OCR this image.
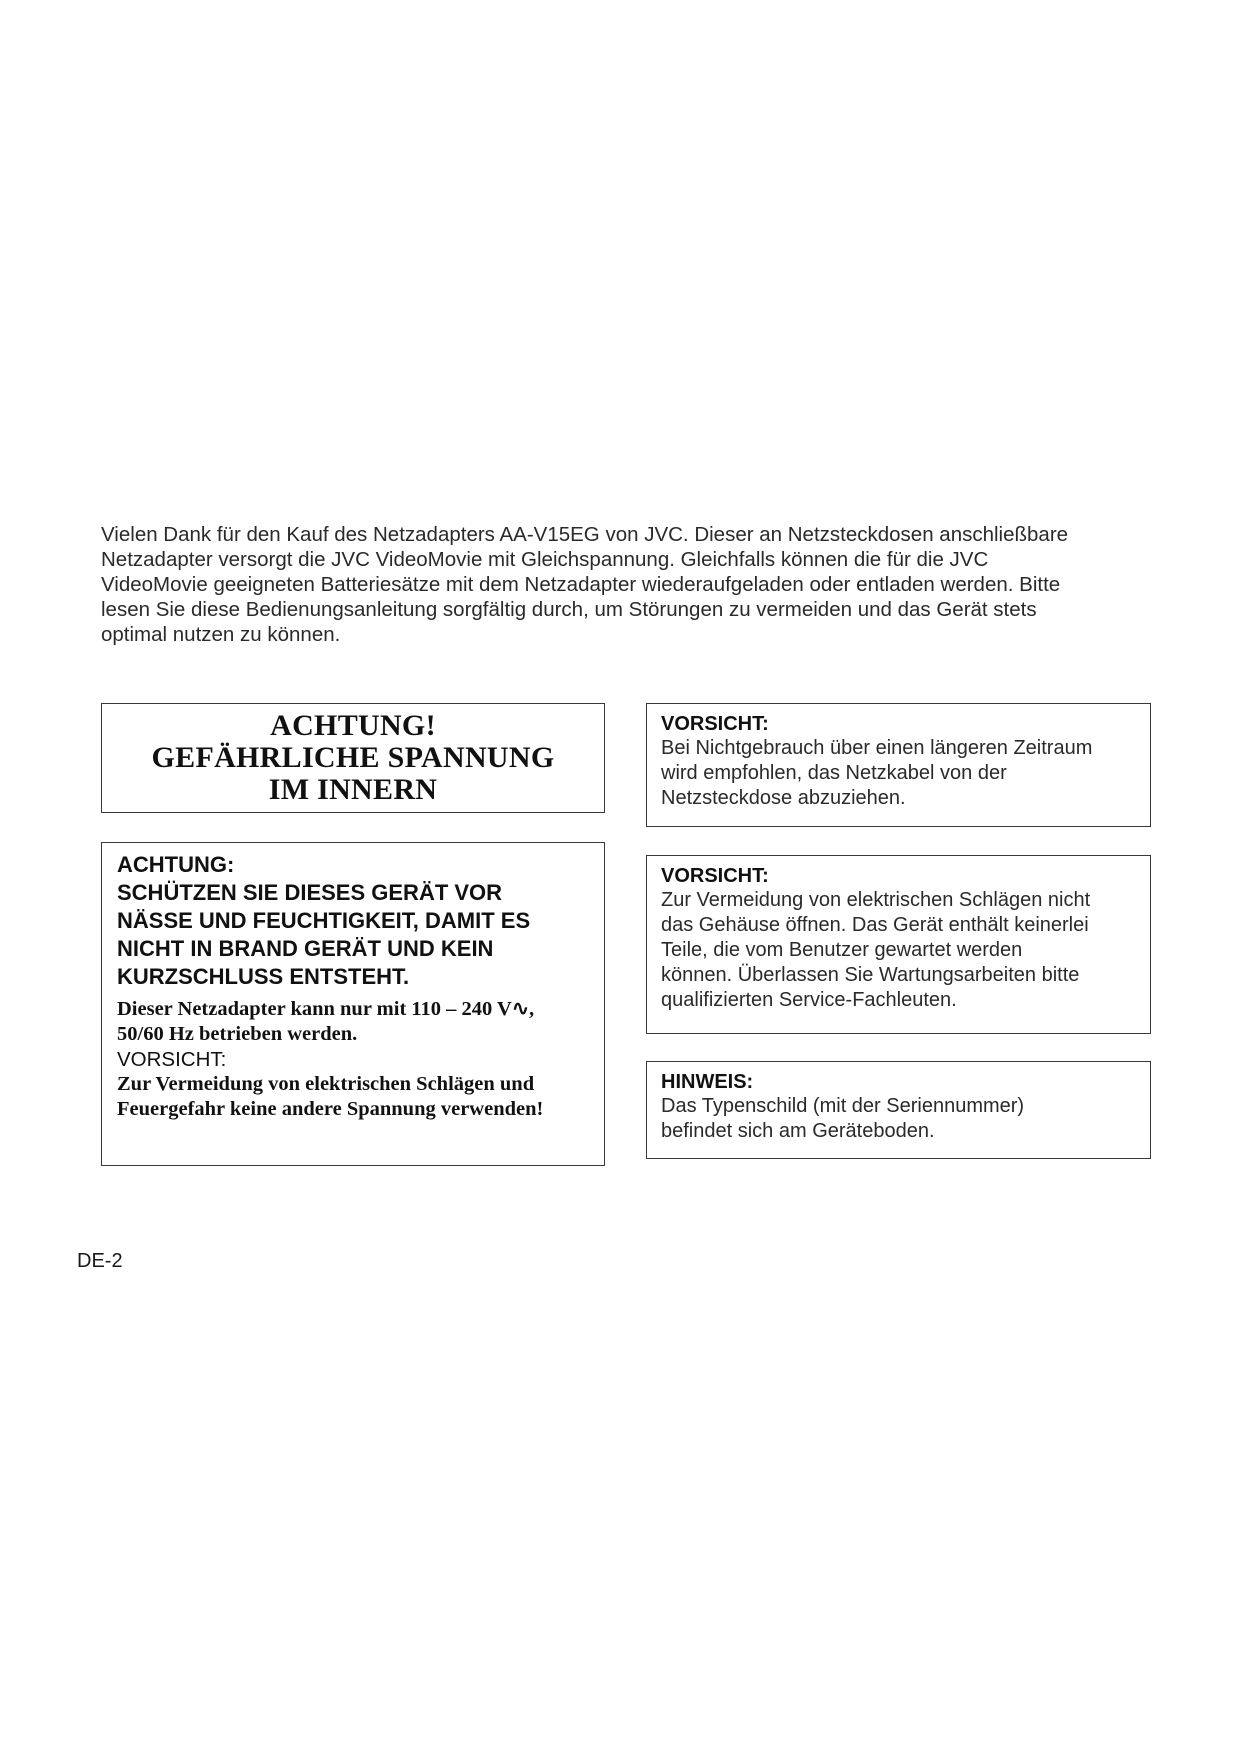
Vielen Dank für den Kauf des Netzadapters AA-V15EG von JVC. Dieser an Netzsteckdosen anschließbare
Netzadapter versorgt die JVC VideoMovie mit Gleichspannung. Gleichfalls können die für die JVC
VideoMovie geeigneten Batteriesätze mit dem Netzadapter wiederaufgeladen oder entladen werden. Bitte
lesen Sie diese Bedienungsanleitung sorgfältig durch, um Störungen zu vermeiden und das Gerät stets
optimal nutzen zu können.

ACHTUNG!
GEFÄHRLICHE SPANNUNG
IM INNERN

ACHTUNG:

SCHÜTZEN SIE DIESES GERÄT VOR
NÄSSE UND FEUCHTIGKEIT, DAMIT ES
NICHT IN BRAND GERÄT UND KEIN
KURZSCHLUSS ENTSTEHT.

Dieser Netzadapter kann nur mit 110 – 240 V∿,
50/60 Hz betrieben werden.

VORSICHT:

Zur Vermeidung von elektrischen Schlägen und
Feuergefahr keine andere Spannung verwenden!

VORSICHT:

Bei Nichtgebrauch über einen längeren Zeitraum
wird empfohlen, das Netzkabel von der
Netzsteckdose abzuziehen.

VORSICHT:

Zur Vermeidung von elektrischen Schlägen nicht
das Gehäuse öffnen. Das Gerät enthält keinerlei
Teile, die vom Benutzer gewartet werden
können. Überlassen Sie Wartungsarbeiten bitte
qualifizierten Service-Fachleuten.

HINWEIS:

Das Typenschild (mit der Seriennummer)
befindet sich am Geräteboden.

DE-2
